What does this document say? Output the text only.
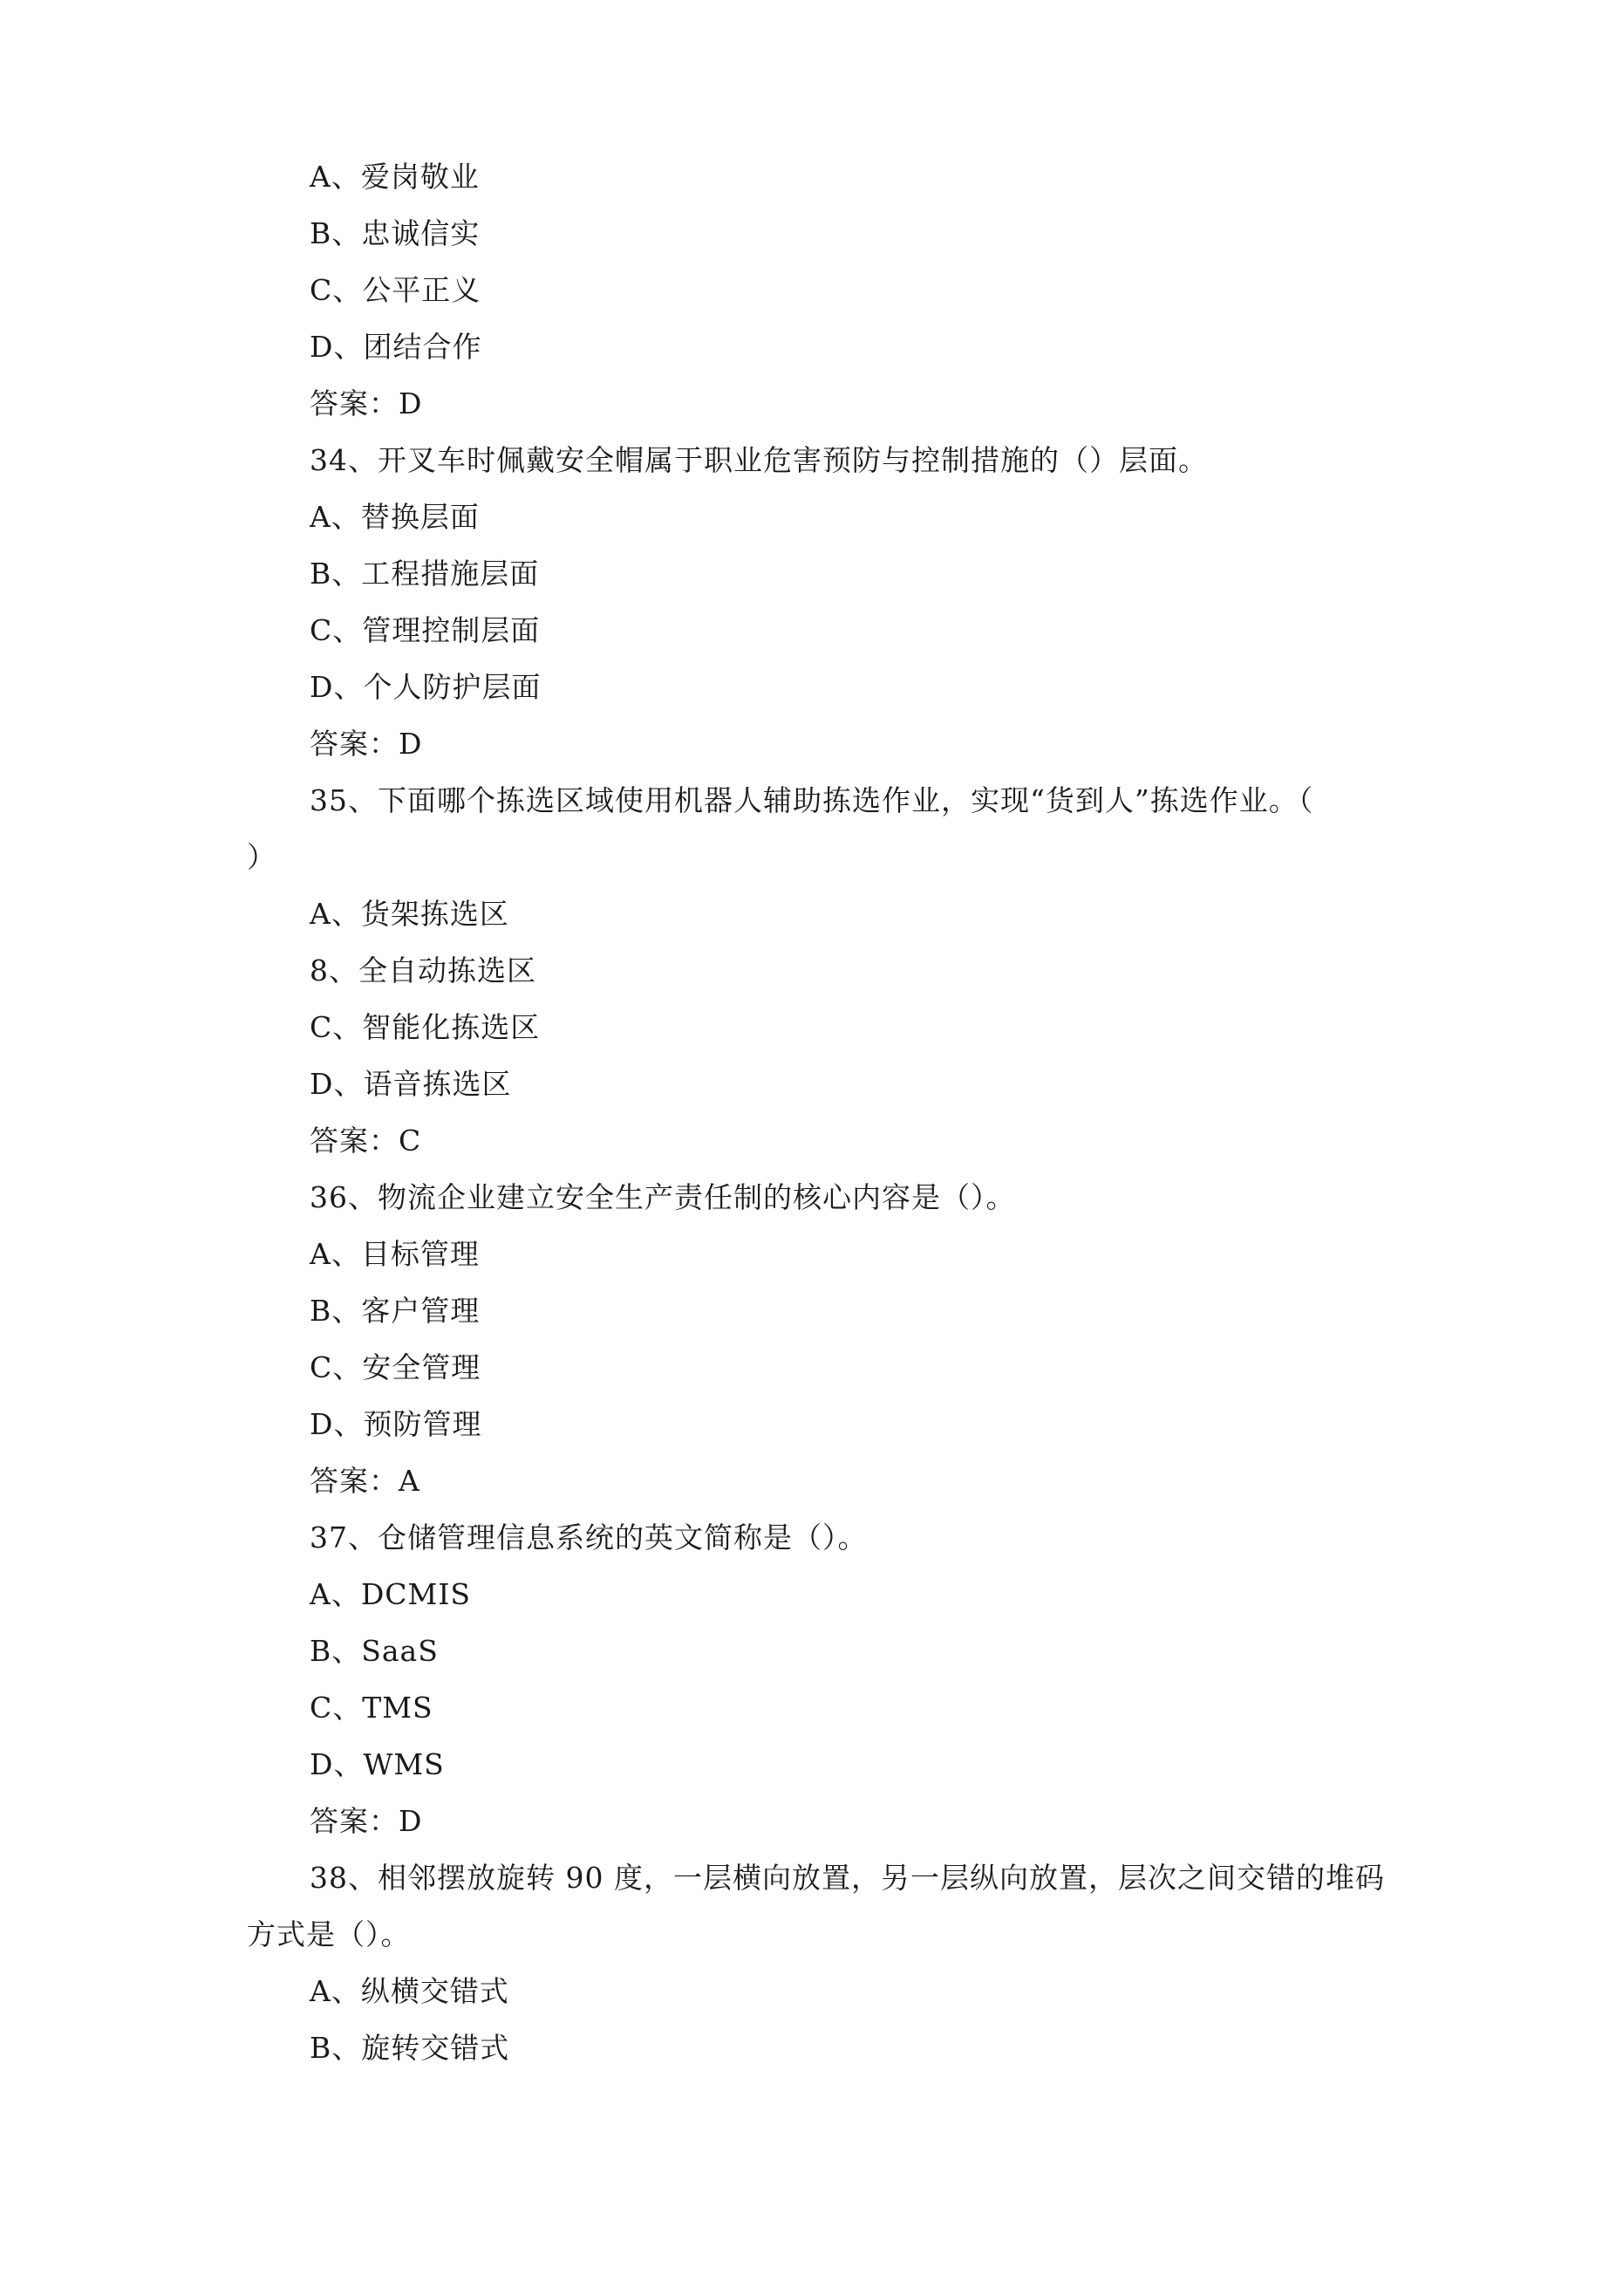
A、爱岗敬业
B、忠诚信实
C、公平正义
D、团结合作
答案：D
34、开叉车时佩戴安全帽属于职业危害预防与控制措施的（）层面。
A、替换层面
B、工程措施层面
C、管理控制层面
D、个人防护层面
答案：D
35、下面哪个拣选区域使用机器人辅助拣选作业，实现“货到人”拣选作业。（
）
A、货架拣选区
8、全自动拣选区
C、智能化拣选区
D、语音拣选区
答案：C
36、物流企业建立安全生产责任制的核心内容是（）。
A、目标管理
B、客户管理
C、安全管理
D、预防管理
答案：A
37、仓储管理信息系统的英文简称是（）。
A、DCMIS
B、SaaS
C、TMS
D、WMS
答案：D
38、相邻摆放旋转 90 度，一层横向放置，另一层纵向放置，层次之间交错的堆码
方式是（）。
A、纵横交错式
B、旋转交错式
